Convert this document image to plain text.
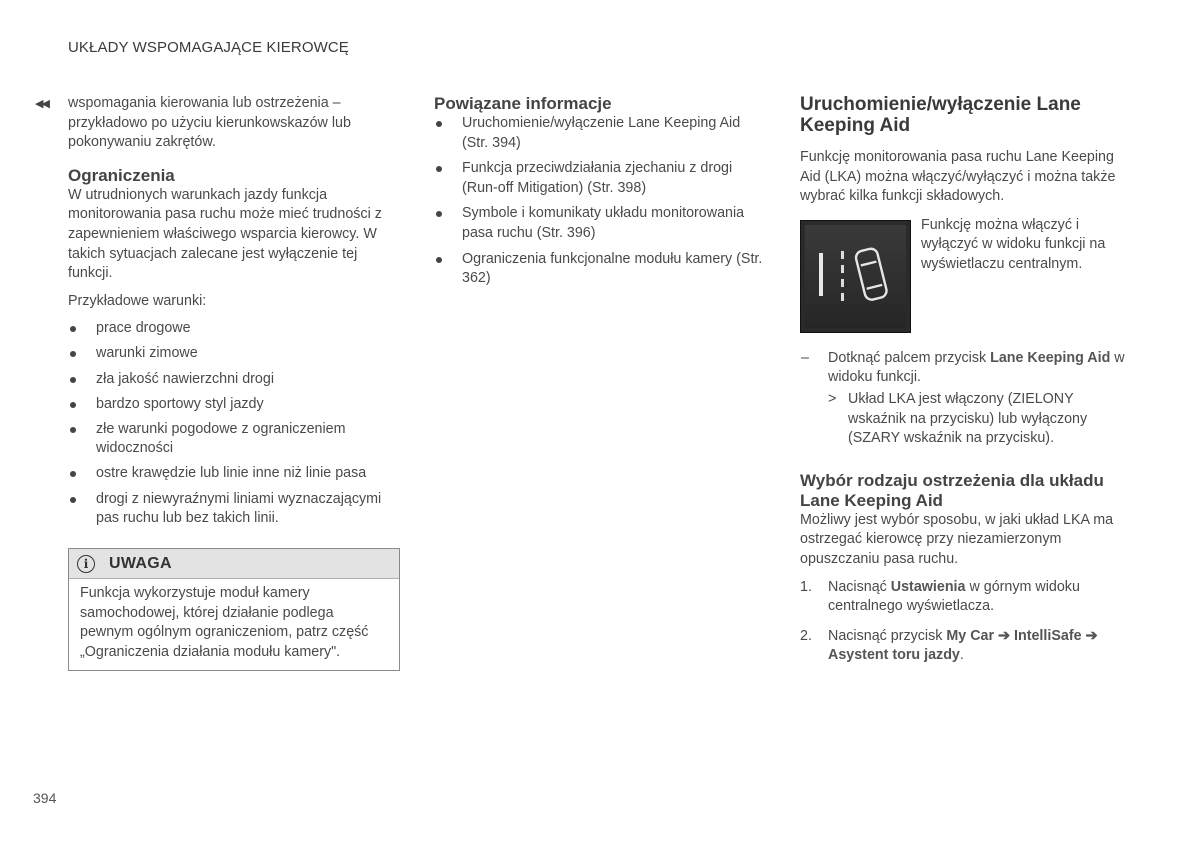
UKŁADY WSPOMAGAJĄCE KIEROWCĘ
◀◀ wspomagania kierowania lub ostrzeżenia – przykładowo po użyciu kierunkowskazów lub pokonywaniu zakrętów.

Ograniczenia

W utrudnionych warunkach jazdy funkcja monitorowania pasa ruchu może mieć trudności z zapewnieniem właściwego wsparcia kierowcy. W takich sytuacjach zalecane jest wyłączenie tej funkcji.

Przykładowe warunki:

prace drogowe
warunki zimowe
zła jakość nawierzchni drogi
bardzo sportowy styl jazdy
złe warunki pogodowe z ograniczeniem widoczności
ostre krawędzie lub linie inne niż linie pasa
drogi z niewyraźnymi liniami wyznaczającymi pas ruchu lub bez takich linii.
i	UWAGA
Funkcja wykorzystuje moduł kamery samochodowej, której działanie podlega pewnym ogólnym ograniczeniom, patrz część „Ograniczenia działania modułu kamery".
Powiązane informacje
Uruchomienie/wyłączenie Lane Keeping Aid (Str. 394)
Funkcja przeciwdziałania zjechaniu z drogi (Run-off Mitigation) (Str. 398)
Symbole i komunikaty układu monitorowania pasa ruchu (Str. 396)
Ograniczenia funkcjonalne modułu kamery (Str. 362)
Uruchomienie/wyłączenie Lane Keeping Aid

Funkcję monitorowania pasa ruchu Lane Keeping Aid (LKA) można włączyć/wyłączyć i można także wybrać kilka funkcji składowych.

Funkcję można włączyć i wyłączyć w widoku funkcji na wyświetlaczu centralnym.

– Dotknąć palcem przycisk Lane Keeping Aid w widoku funkcji.
> Układ LKA jest włączony (ZIELONY wskaźnik na przycisku) lub wyłączony (SZARY wskaźnik na przycisku).
Wybór rodzaju ostrzeżenia dla układu Lane Keeping Aid

Możliwy jest wybór sposobu, w jaki układ LKA ma ostrzegać kierowcę przy niezamierzonym opuszczaniu pasa ruchu.

1. Nacisnąć Ustawienia w górnym widoku centralnego wyświetlacza.
2. Nacisnąć przycisk My Car ➔ IntelliSafe ➔ Asystent toru jazdy.
394
